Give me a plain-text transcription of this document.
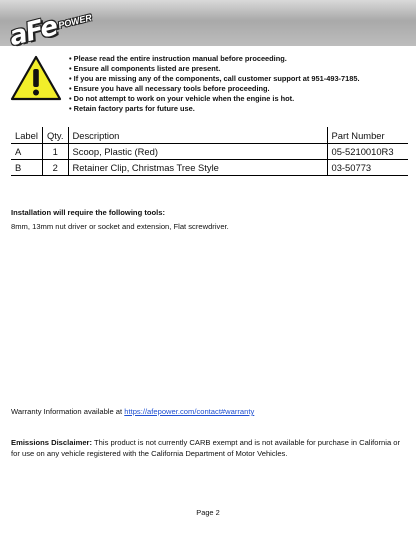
aFe
POWER
• Please read the entire instruction manual before proceeding.
• Ensure all components listed are present.
• If you are missing any of the components, call customer support at 951-493-7185.
• Ensure you have all necessary tools before proceeding.
• Do not attempt to work on your vehicle when the engine is hot.
• Retain factory parts for future use.
Label	Qty.	Description	Part Number
A	1	Scoop, Plastic (Red)	05-5210010R3
B	2	Retainer Clip, Christmas Tree Style	03-50773

Installation will require the following tools:

8mm, 13mm nut driver or socket and extension, Flat screwdriver.

Warranty Information available at https://afepower.com/contact#warranty

Emissions Disclaimer: This product is not currently CARB exempt and is not available for purchase in California or for use on any vehicle registered with the California Department of Motor Vehicles.

Page 2
